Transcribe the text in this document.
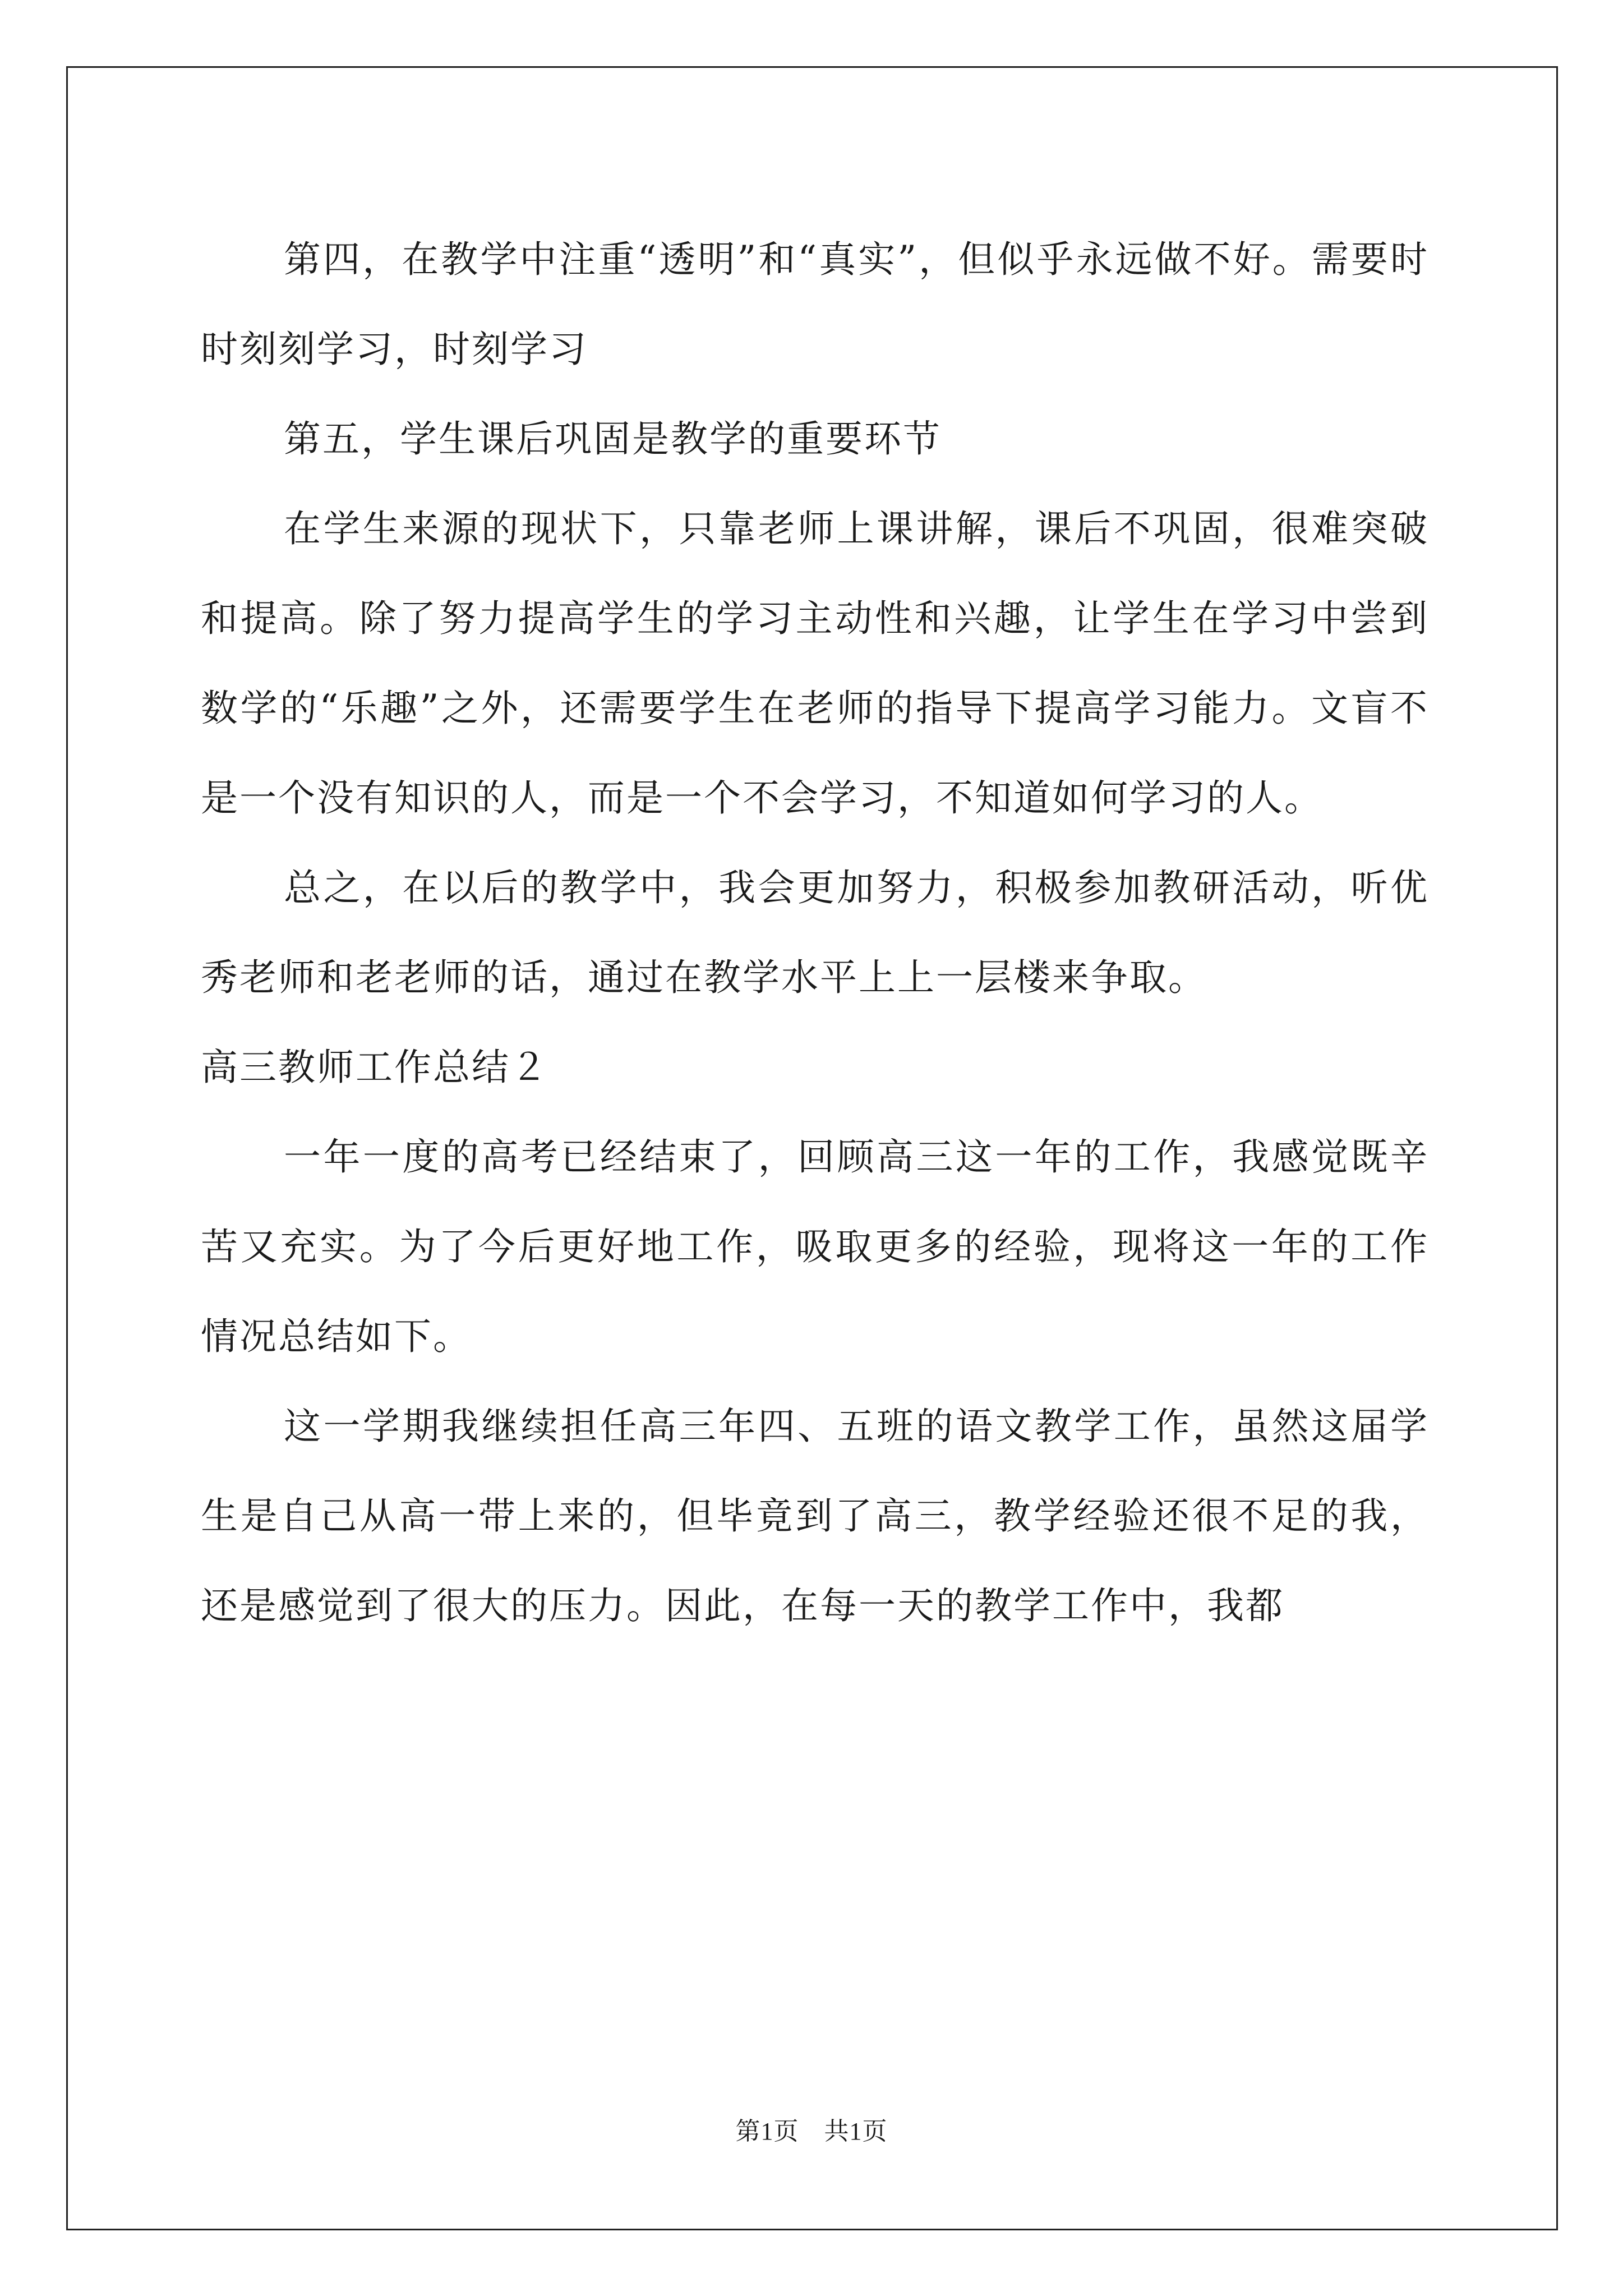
第四，在教学中注重“透明”和“真实”，但似乎永远做不好。需要时时刻刻学习，时刻学习

第五，学生课后巩固是教学的重要环节

在学生来源的现状下，只靠老师上课讲解，课后不巩固，很难突破和提高。除了努力提高学生的学习主动性和兴趣，让学生在学习中尝到数学的“乐趣”之外，还需要学生在老师的指导下提高学习能力。文盲不是一个没有知识的人，而是一个不会学习，不知道如何学习的人。

总之，在以后的教学中，我会更加努力，积极参加教研活动，听优秀老师和老老师的话，通过在教学水平上上一层楼来争取。

高三教师工作总结２

一年一度的高考已经结束了，回顾高三这一年的工作，我感觉既辛苦又充实。为了今后更好地工作，吸取更多的经验，现将这一年的工作情况总结如下。

这一学期我继续担任高三年四、五班的语文教学工作，虽然这届学生是自己从高一带上来的，但毕竟到了高三，教学经验还很不足的我，还是感觉到了很大的压力。因此，在每一天的教学工作中，我都

第1页　共1页
